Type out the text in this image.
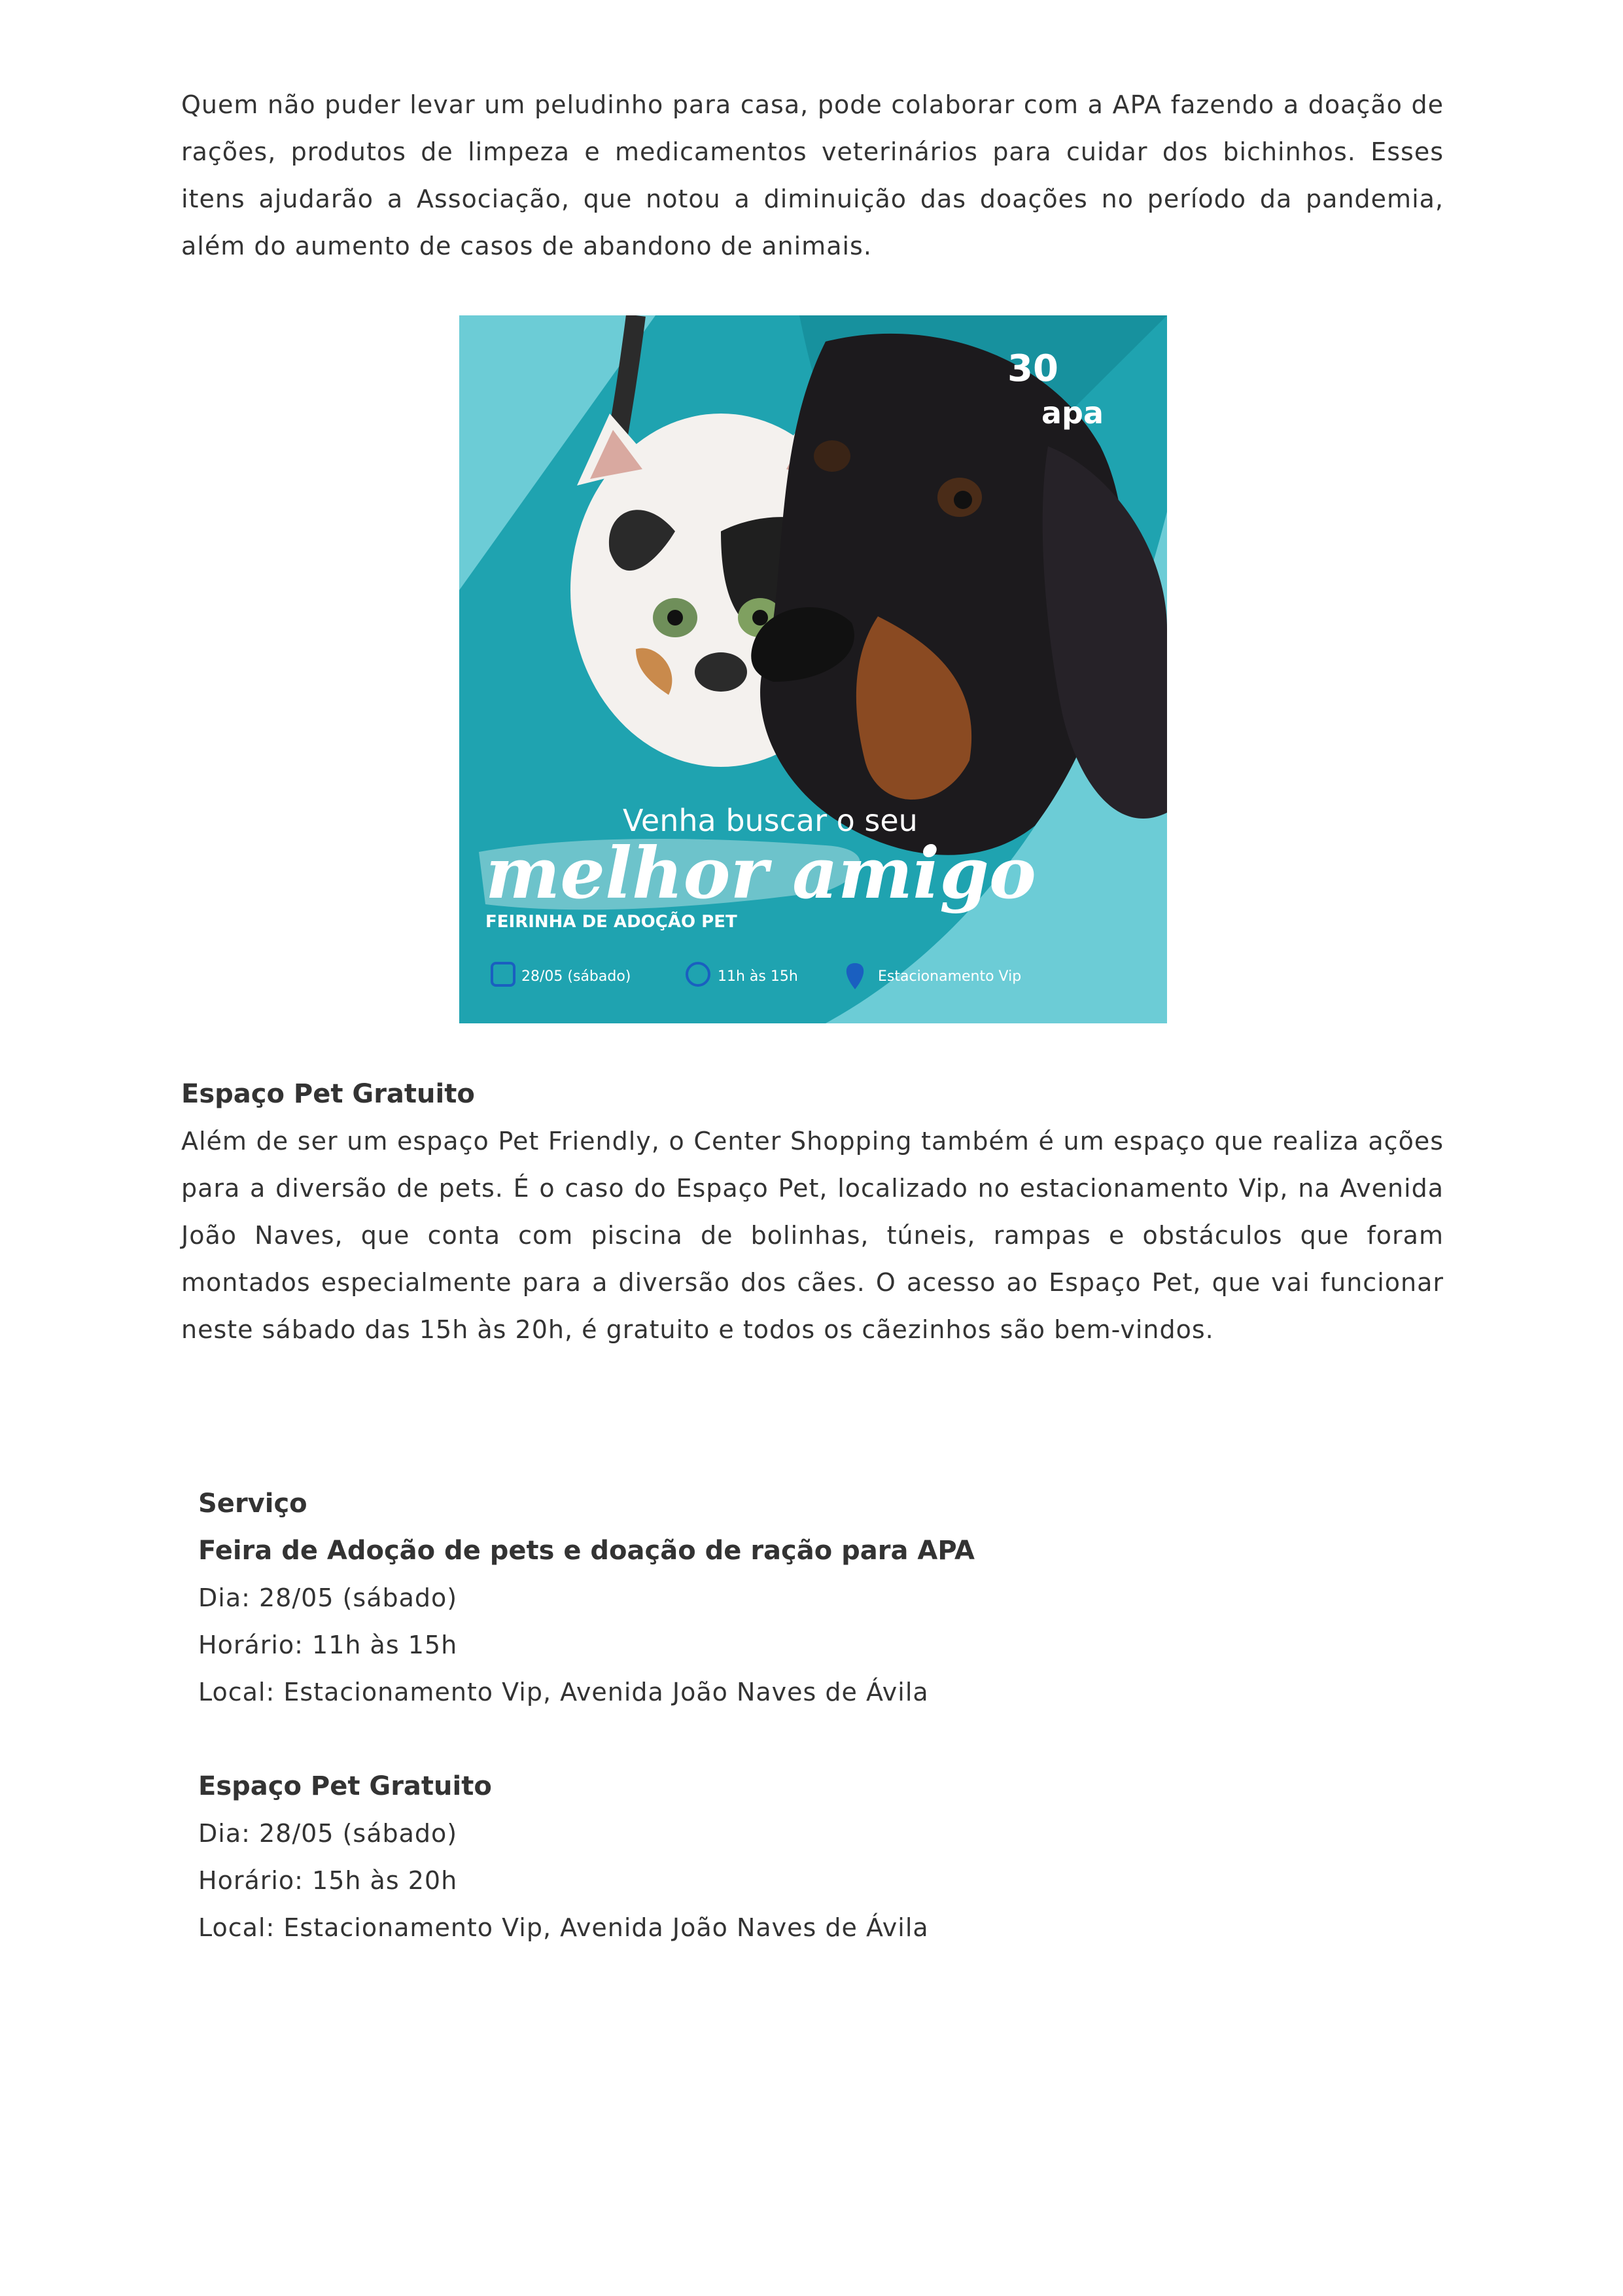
Quem não puder levar um peludinho para casa, pode colaborar com a APA fazendo a doação de rações, produtos de limpeza e medicamentos veterinários para cuidar dos bichinhos. Esses itens ajudarão a Associação, que notou a diminuição das doações no período da pandemia, além do aumento de casos de abandono de animais.

30
apa
Venha buscar o seu
melhor amigo
FEIRINHA DE ADOÇÃO PET
28/05 (sábado)	11h às 15h	Estacionamento Vip

Espaço Pet Gratuito

Além de ser um espaço Pet Friendly, o Center Shopping também é um espaço que realiza ações para a diversão de pets. É o caso do Espaço Pet, localizado no estacionamento Vip, na Avenida João Naves, que conta com piscina de bolinhas, túneis, rampas e obstáculos que foram montados especialmente para a diversão dos cães. O acesso ao Espaço Pet, que vai funcionar neste sábado das 15h às 20h, é gratuito e todos os cãezinhos são bem-vindos.

Serviço

Feira de Adoção de pets e doação de ração para APA

Dia: 28/05 (sábado)

Horário: 11h às 15h

Local: Estacionamento Vip, Avenida João Naves de Ávila

Espaço Pet Gratuito

Dia: 28/05 (sábado)

Horário: 15h às 20h

Local: Estacionamento Vip, Avenida João Naves de Ávila
